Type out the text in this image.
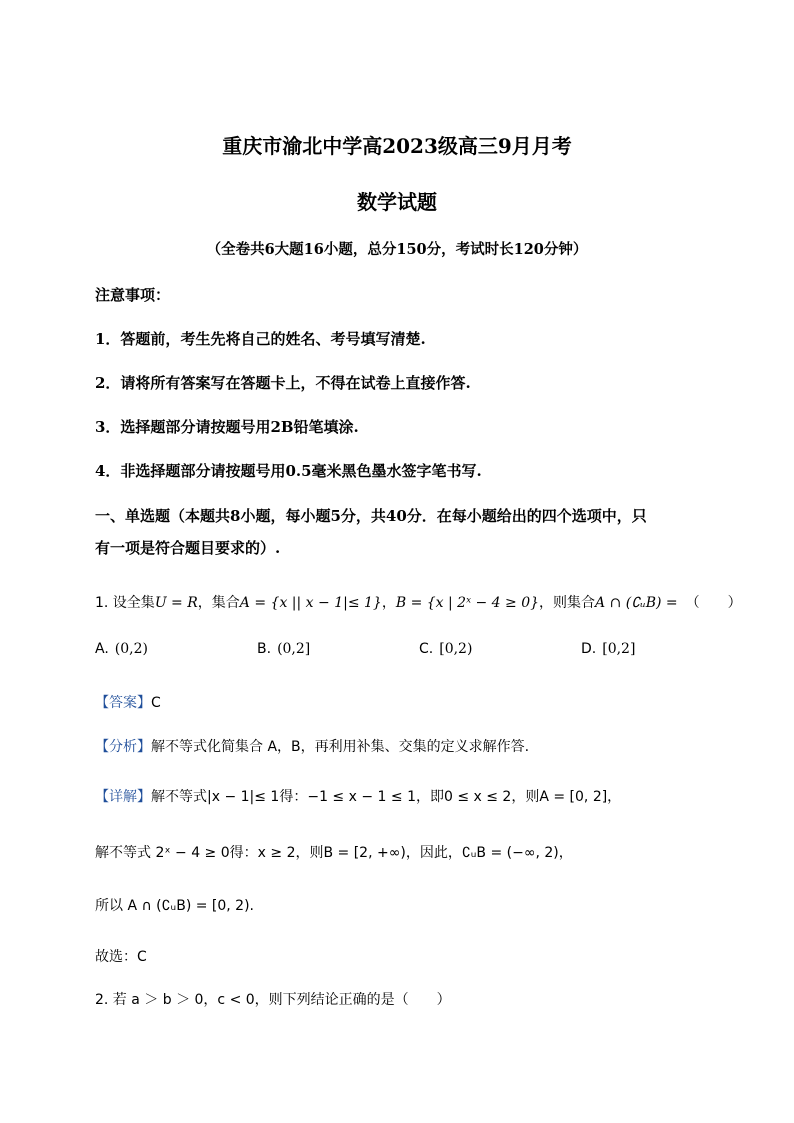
重庆市渝北中学高2023级高三9月月考
数学试题
（全卷共6大题16小题，总分150分，考试时长120分钟）
注意事项：
1．答题前，考生先将自己的姓名、考号填写清楚.
2．请将所有答案写在答题卡上，不得在试卷上直接作答.
3．选择题部分请按题号用2B铅笔填涂.
4．非选择题部分请按题号用0.5毫米黑色墨水签字笔书写.
一、单选题（本题共8小题，每小题5分，共40分．在每小题给出的四个选项中，只
有一项是符合题目要求的）.
1. 设全集U = R，集合A = {x || x − 1|≤ 1}，B = {x | 2ˣ − 4 ≥ 0}，则集合A ∩ (∁ᵤB) = （　　）
A. (0,2)	B. (0,2]	C. [0,2)	D. [0,2]
【答案】C
【分析】解不等式化简集合 A，B，再利用补集、交集的定义求解作答.
【详解】解不等式|x − 1|≤ 1得：−1 ≤ x − 1 ≤ 1，即0 ≤ x ≤ 2，则A = [0, 2]，
解不等式 2ˣ − 4 ≥ 0得：x ≥ 2，则B = [2, +∞)，因此，∁ᵤB = (−∞, 2)，
所以 A ∩ (∁ᵤB) = [0, 2).
故选：C
2. 若 a ＞ b ＞ 0，c < 0，则下列结论正确的是（　　）
